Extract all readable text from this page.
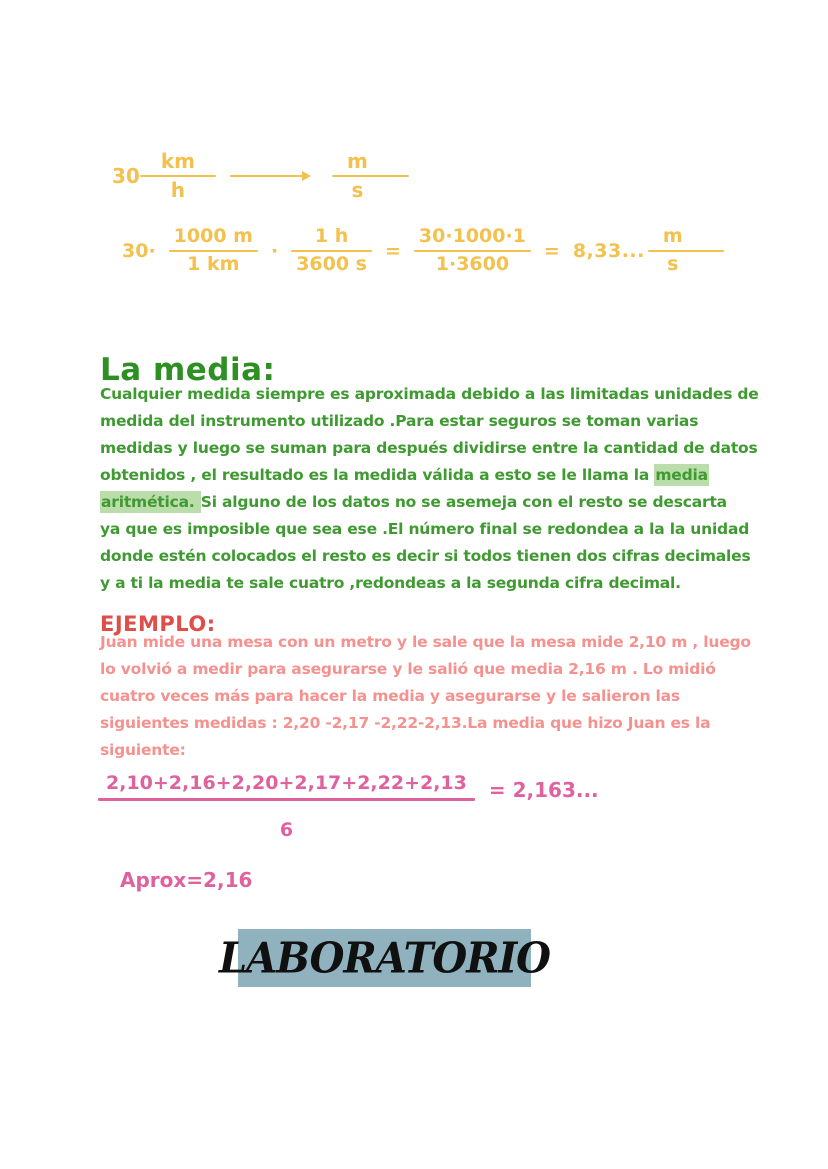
$30 \frac{km}{h}$	$\frac{m}{s}$
$30\cdot \frac{1000 m}{1 km} \cdot \frac{1 h}{3600 s} = \frac{30\cdot 1000\cdot 1}{1\cdot 3600} = 8,33$... $\frac{m}{s}$
La media:
Cualquier medida siempre es aproximada debido a las limitadas unidades de
medida del instrumento utilizado .Para estar seguros se toman varias
medidas y luego se suman para después dividirse entre la cantidad de datos
obtenidos , el resultado es la medida válida a esto se le llama la media
aritmética. Si alguno de los datos no se asemeja con el resto se descarta
ya que es imposible que sea ese .El número final se redondea a la la unidad
donde estén colocados el resto es decir si todos tienen dos cifras decimales
y a ti la media te sale cuatro ,redondeas a la segunda cifra decimal.
EJEMPLO:
Juan mide una mesa con un metro y le sale que la mesa mide 2,10 m , luego
lo volvió a medir para asegurarse y le salió que media 2,16 m . Lo midió
cuatro veces más para hacer la media y asegurarse y le salieron las
siguientes medidas : 2,20 -2,17 -2,22-2,13.La media que hizo Juan es la
siguiente:
$\frac{2,10+2,16+2,20+2,17+2,22+2,13}{6} = 2,163$...
Aprox=2,16
LABORATORIO
